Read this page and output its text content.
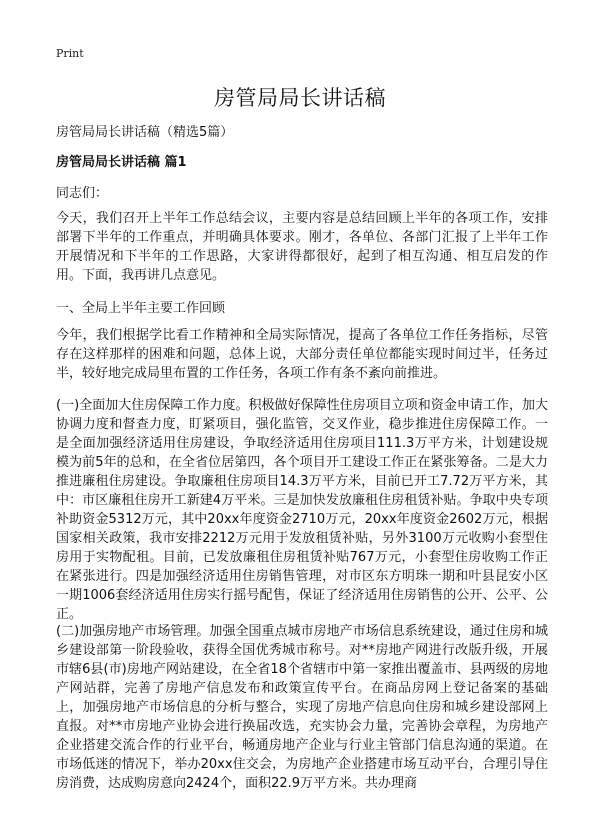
Print
房管局局长讲话稿
房管局局长讲话稿（精选5篇）
房管局局长讲话稿 篇1
同志们：

今天，我们召开上半年工作总结会议，主要内容是总结回顾上半年的各项工作，安排部署下半年的工作重点，并明确具体要求。刚才，各单位、各部门汇报了上半年工作开展情况和下半年的工作思路，大家讲得都很好，起到了相互沟通、相互启发的作用。下面，我再讲几点意见。

一、全局上半年主要工作回顾

今年，我们根据学比看工作精神和全局实际情况，提高了各单位工作任务指标，尽管存在这样那样的困难和问题，总体上说，大部分责任单位都能实现时间过半，任务过半，较好地完成局里布置的工作任务，各项工作有条不紊向前推进。

(一)全面加大住房保障工作力度。积极做好保障性住房项目立项和资金申请工作，加大协调力度和督查力度，盯紧项目，强化监管，交叉作业，稳步推进住房保障工作。一是全面加强经济适用住房建设，争取经济适用住房项目111.3万平方米，计划建设规模为前5年的总和，在全省位居第四，各个项目开工建设工作正在紧张筹备。二是大力推进廉租住房建设。争取廉租住房项目14.3万平方米，目前已开工7.72万平方米，其中：市区廉租住房开工新建4万平米。三是加快发放廉租住房租赁补贴。争取中央专项补助资金5312万元，其中20xx年度资金2710万元，20xx年度资金2602万元，根据国家相关政策，我市安排2212万元用于发放租赁补贴，另外3100万元收购小套型住房用于实物配租。目前，已发放廉租住房租赁补贴767万元，小套型住房收购工作正在紧张进行。四是加强经济适用住房销售管理，对市区东方明珠一期和叶县昆安小区一期1006套经济适用住房实行摇号配售，保证了经济适用住房销售的公开、公平、公正。

(二)加强房地产市场管理。加强全国重点城市房地产市场信息系统建设，通过住房和城乡建设部第一阶段验收，获得全国优秀城市称号。对**房地产网进行改版升级，开展市辖6县(市)房地产网站建设，在全省18个省辖市中第一家推出覆盖市、县两级的房地产网站群，完善了房地产信息发布和政策宣传平台。在商品房网上登记备案的基础上，加强房地产市场信息的分析与整合，实现了房地产信息向住房和城乡建设部网上直报。对**市房地产业协会进行换届改选，充实协会力量，完善协会章程，为房地产企业搭建交流合作的行业平台，畅通房地产企业与行业主管部门信息沟通的渠道。在市场低迷的情况下，举办20xx住交会，为房地产企业搭建市场互动平台，合理引导住房消费，达成购房意向2424个，面积22.9万平方米。共办理商
